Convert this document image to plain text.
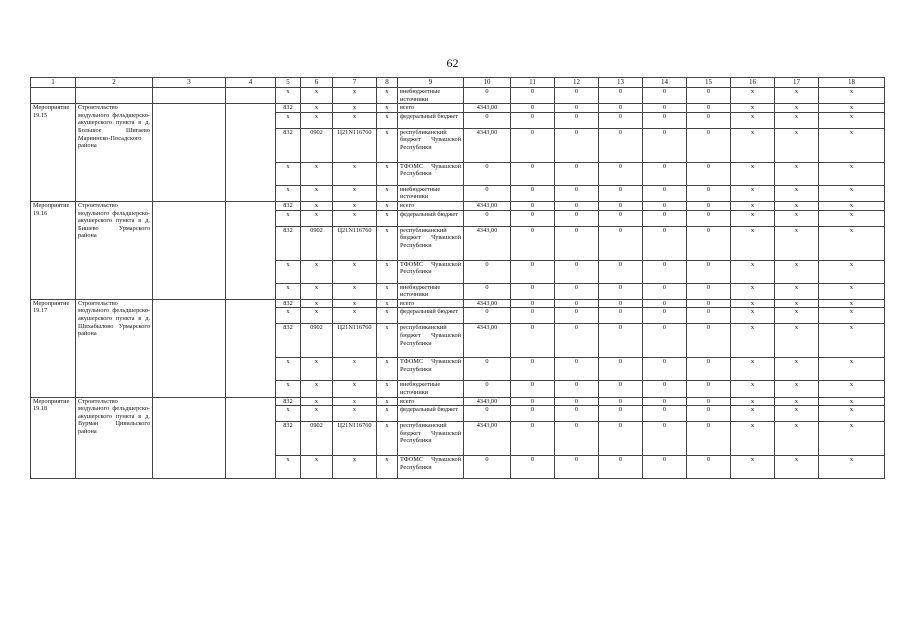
62
1	2	3	4	5	6	7	8	9	10	11	12	13	14	15	16	17	18
				x	x	x	x	внебюджетные источники	0	0	0	0	0	0	x	x	x
Мероприятие 19.15	Строительство модульного фельдшерско-акушерского пункта в д. Большое Шигаево Мариинско-Посадского района			832	x	x	x	всего	4343,00	0	0	0	0	0	x	x	x
				x	x	x	x	федеральный бюджет	0	0	0	0	0	0	x	x	x
				832	0902	Ц21N116760	x	республиканский бюджет Чувашской Республики	4343,00	0	0	0	0	0	x	x	x
				x	x	x	x	ТФОМС Чувашской Республики	0	0	0	0	0	0	x	x	x
				x	x	x	x	внебюджетные источники	0	0	0	0	0	0	x	x	x
Мероприятие 19.16	Строительство модульного фельдшерско-акушерского пункта в д. Бишево Урмарского района			832	x	x	x	всего	4343,00	0	0	0	0	0	x	x	x
				x	x	x	x	федеральный бюджет	0	0	0	0	0	0	x	x	x
				832	0902	Ц21N116760	x	республиканский бюджет Чувашской Республики	4343,00	0	0	0	0	0	x	x	x
				x	x	x	x	ТФОМС Чувашской Республики	0	0	0	0	0	0	x	x	x
				x	x	x	x	внебюджетные источники	0	0	0	0	0	0	x	x	x
Мероприятие 19.17	Строительство модульного фельдшерско-акушерского пункта в д. Шихабылово Урмарского района			832	x	x	x	всего	4343,00	0	0	0	0	0	x	x	x
				x	x	x	x	федеральный бюджет	0	0	0	0	0	0	x	x	x
				832	0902	Ц21N116760	x	республиканский бюджет Чувашской Республики	4343,00	0	0	0	0	0	x	x	x
				x	x	x	x	ТФОМС Чувашской Республики	0	0	0	0	0	0	x	x	x
				x	x	x	x	внебюджетные источники	0	0	0	0	0	0	x	x	x
Мероприятие 19.18	Строительство модульного фельдшерско-акушерского пункта в д. Вурман Цивильского района			832	x	x	x	всего	4343,00	0	0	0	0	0	x	x	x
				x	x	x	x	федеральный бюджет	0	0	0	0	0	0	x	x	x
				832	0902	Ц21N116760	x	республиканский бюджет Чувашской Республики	4343,00	0	0	0	0	0	x	x	x
				x	x	x	x	ТФОМС Чувашской Республики	0	0	0	0	0	0	x	x	x
